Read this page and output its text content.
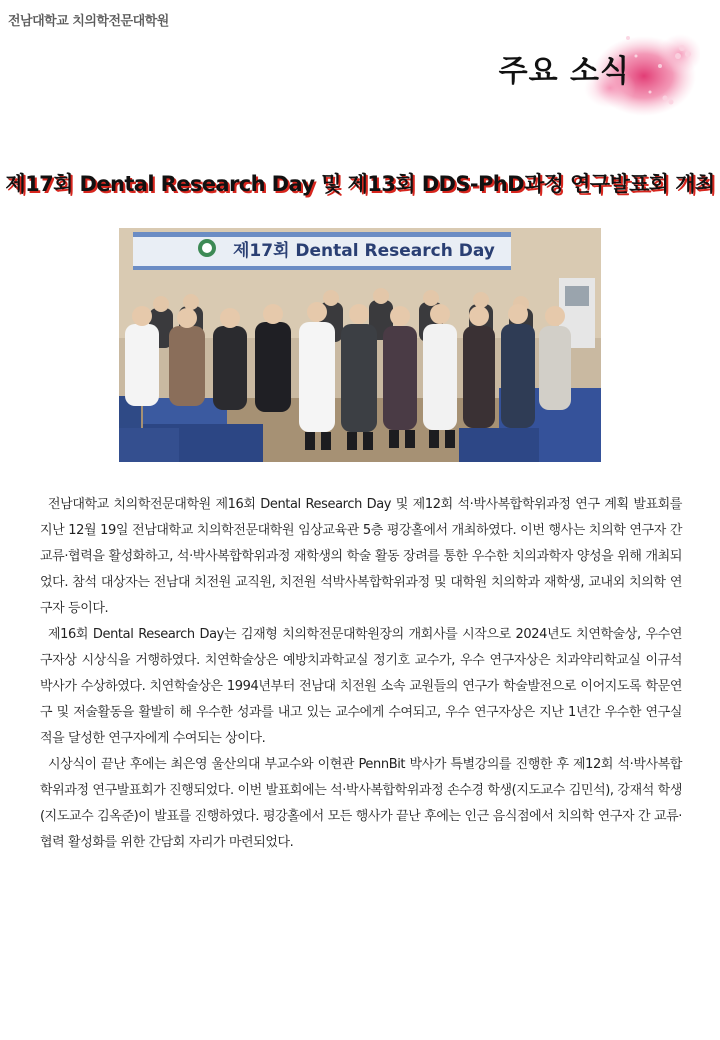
전남대학교 치의학전문대학원
주요 소식
제17회 Dental Research Day 및 제13회 DDS-PhD과정 연구발표회 개최
제17회 Dental Research Day

전남대학교 치의학전문대학원 제16회 Dental Research Day 및 제12회 석·박사복합학위과정 연구 계획 발표회를 지난 12월 19일 전남대학교 치의학전문대학원 임상교육관 5층 평강홀에서 개최하였다. 이번 행사는 치의학 연구자 간 교류·협력을 활성화하고, 석·박사복합학위과정 재학생의 학술 활동 장려를 통한 우수한 치의과학자 양성을 위해 개최되었다. 참석 대상자는 전남대 치전원 교직원, 치전원 석박사복합학위과정 및 대학원 치의학과 재학생, 교내외 치의학 연구자 등이다.

제16회 Dental Research Day는 김재형 치의학전문대학원장의 개회사를 시작으로 2024년도 치연학술상, 우수연구자상 시상식을 거행하였다. 치연학술상은 예방치과학교실 정기호 교수가, 우수 연구자상은 치과약리학교실 이규석 박사가 수상하였다. 치연학술상은 1994년부터 전남대 치전원 소속 교원들의 연구가 학술발전으로 이어지도록 학문연구 및 저술활동을 활발히 해 우수한 성과를 내고 있는 교수에게 수여되고, 우수 연구자상은 지난 1년간 우수한 연구실적을 달성한 연구자에게 수여되는 상이다.

시상식이 끝난 후에는 최은영 울산의대 부교수와 이현관 PennBit 박사가 특별강의를 진행한 후 제12회 석·박사복합학위과정 연구발표회가 진행되었다. 이번 발표회에는 석·박사복합학위과정 손수경 학생(지도교수 김민석), 강재석 학생(지도교수 김옥준)이 발표를 진행하였다. 평강홀에서 모든 행사가 끝난 후에는 인근 음식점에서 치의학 연구자 간 교류·협력 활성화를 위한 간담회 자리가 마련되었다.
